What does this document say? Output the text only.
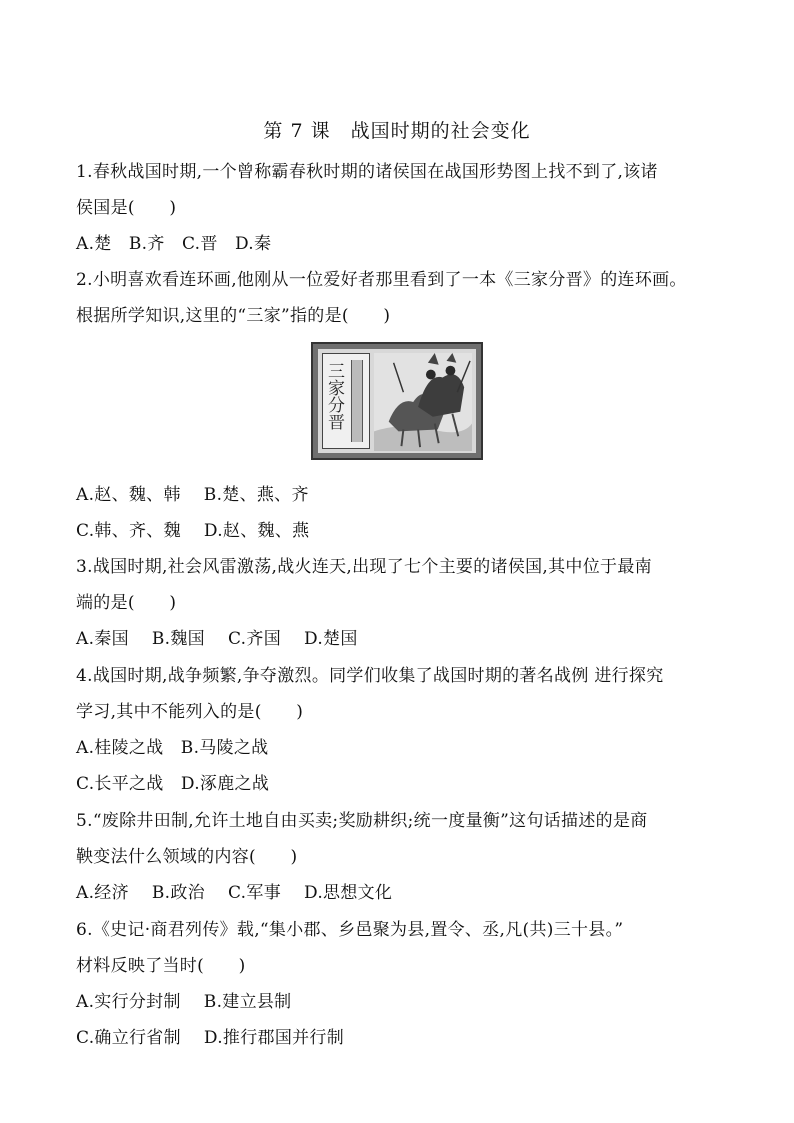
第 7 课　战国时期的社会变化
1.春秋战国时期,一个曾称霸春秋时期的诸侯国在战国形势图上找不到了,该诸
侯国是(　　)
A.楚　B.齐　C.晋　D.秦
2.小明喜欢看连环画,他刚从一位爱好者那里看到了一本《三家分晋》的连环画。
根据所学知识,这里的“三家”指的是(　　)
三家分晋
A.赵、魏、韩　 B.楚、燕、齐
C.韩、齐、魏　 D.赵、魏、燕
3.战国时期,社会风雷激荡,战火连天,出现了七个主要的诸侯国,其中位于最南
端的是(　　)
A.秦国　 B.魏国　 C.齐国　 D.楚国
4.战国时期,战争频繁,争夺激烈。同学们收集了战国时期的著名战例 进行探究
学习,其中不能列入的是(　　)
A.桂陵之战　B.马陵之战
C.长平之战　D.涿鹿之战
5.“废除井田制,允许土地自由买卖;奖励耕织;统一度量衡”这句话描述的是商
鞅变法什么领域的内容(　　)
A.经济　 B.政治　 C.军事　 D.思想文化
6.《史记·商君列传》载,“集小郡、乡邑聚为县,置令、丞,凡(共)三十县。”
材料反映了当时(　　)
A.实行分封制　 B.建立县制
C.确立行省制　 D.推行郡国并行制
